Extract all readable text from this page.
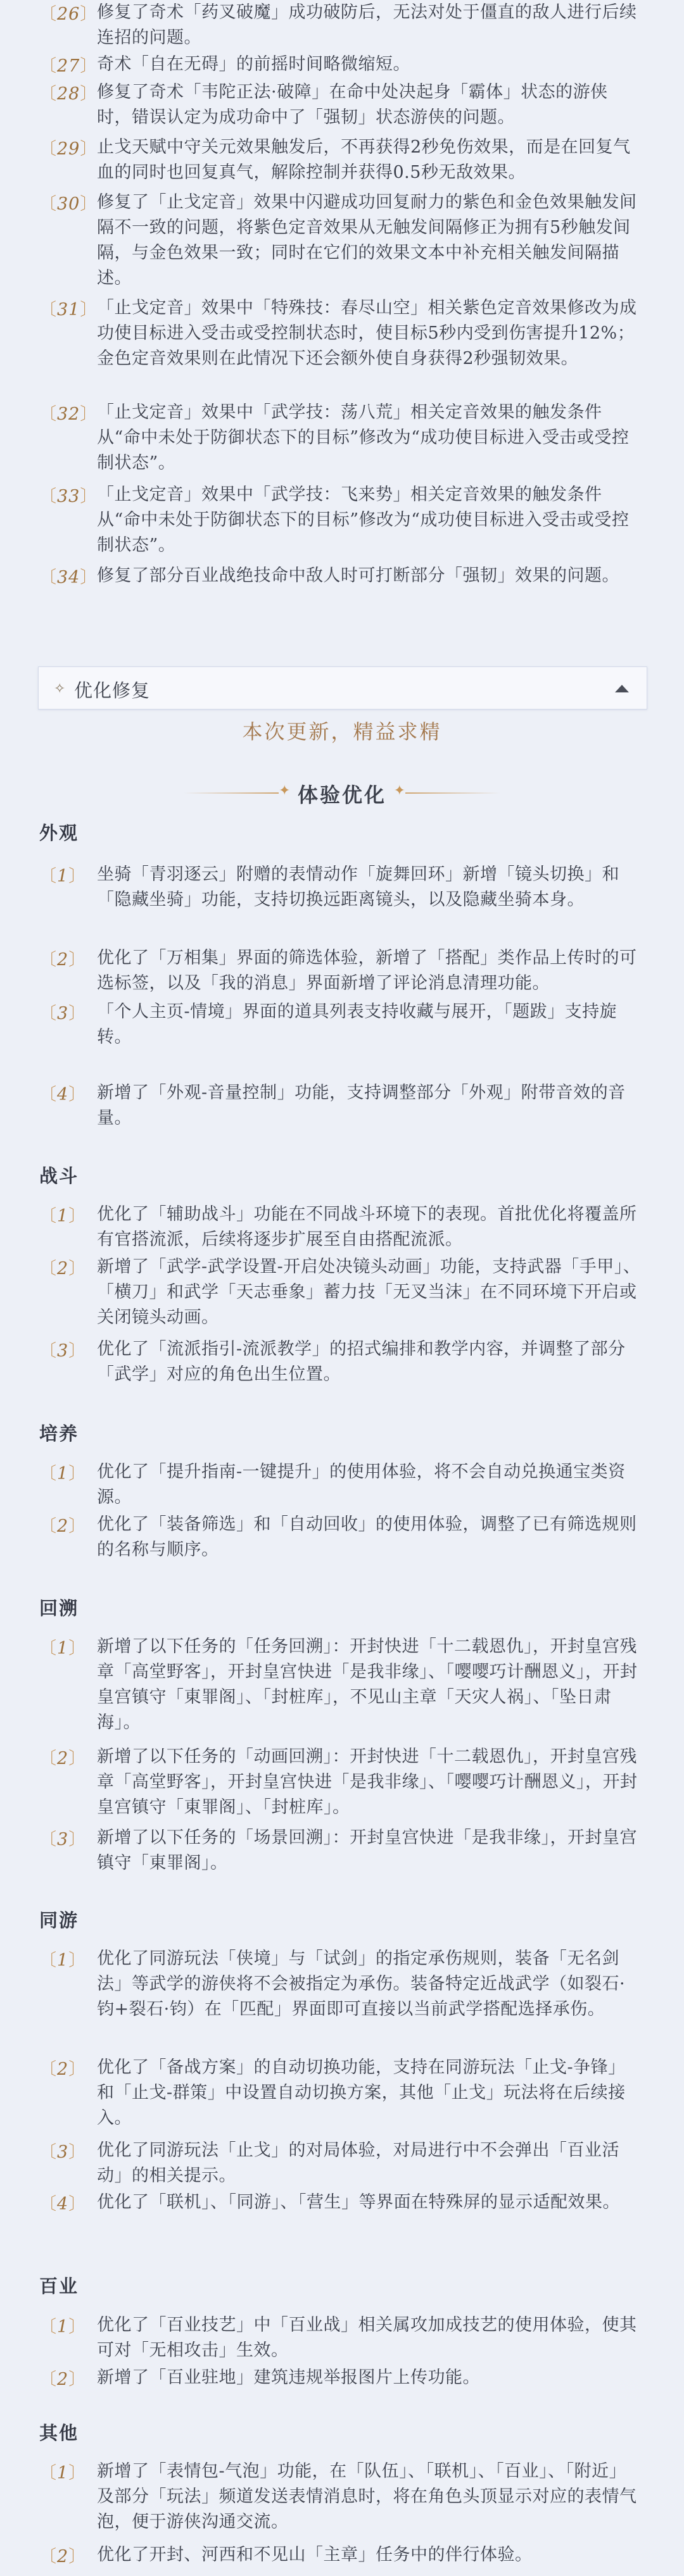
〔26〕
修复了奇术「药叉破魔」成功破防后，无法对处于僵直的敌人进行后续连招的问题。
〔27〕
奇术「自在无碍」的前摇时间略微缩短。
〔28〕
修复了奇术「韦陀正法·破障」在命中处决起身「霸体」状态的游侠时，错误认定为成功命中了「强韧」状态游侠的问题。
〔29〕
止戈天赋中守关元效果触发后，不再获得2秒免伤效果，而是在回复气血的同时也回复真气，解除控制并获得0.5秒无敌效果。
〔30〕
修复了「止戈定音」效果中闪避成功回复耐力的紫色和金色效果触发间隔不一致的问题，将紫色定音效果从无触发间隔修正为拥有5秒触发间隔，与金色效果一致；同时在它们的效果文本中补充相关触发间隔描述。
〔31〕
「止戈定音」效果中「特殊技：春尽山空」相关紫色定音效果修改为成功使目标进入受击或受控制状态时，使目标5秒内受到伤害提升12%；金色定音效果则在此情况下还会额外使自身获得2秒强韧效果。
〔32〕
「止戈定音」效果中「武学技：荡八荒」相关定音效果的触发条件从“命中未处于防御状态下的目标”修改为“成功使目标进入受击或受控制状态”。
〔33〕
「止戈定音」效果中「武学技：飞来势」相关定音效果的触发条件从“命中未处于防御状态下的目标”修改为“成功使目标进入受击或受控制状态”。
〔34〕
修复了部分百业战绝技命中敌人时可打断部分「强韧」效果的问题。
✧ 优化修复
本次更新，精益求精
✦ 体验优化 ✦
外观
〔1〕 坐骑「青羽逐云」附赠的表情动作「旋舞回环」新增「镜头切换」和「隐藏坐骑」功能，支持切换远距离镜头，以及隐藏坐骑本身。
〔2〕 优化了「万相集」界面的筛选体验，新增了「搭配」类作品上传时的可选标签，以及「我的消息」界面新增了评论消息清理功能。
〔3〕 「个人主页-情境」界面的道具列表支持收藏与展开，「题跋」支持旋转。
〔4〕 新增了「外观-音量控制」功能，支持调整部分「外观」附带音效的音量。
战斗
〔1〕 优化了「辅助战斗」功能在不同战斗环境下的表现。首批优化将覆盖所有官搭流派，后续将逐步扩展至自由搭配流派。
〔2〕 新增了「武学-武学设置-开启处决镜头动画」功能，支持武器「手甲」、「横刀」和武学「天志垂象」蓄力技「无叉当沫」在不同环境下开启或关闭镜头动画。
〔3〕 优化了「流派指引-流派教学」的招式编排和教学内容，并调整了部分「武学」对应的角色出生位置。
培养
〔1〕 优化了「提升指南-一键提升」的使用体验，将不会自动兑换通宝类资源。
〔2〕 优化了「装备筛选」和「自动回收」的使用体验，调整了已有筛选规则的名称与顺序。
回溯
〔1〕 新增了以下任务的「任务回溯」：开封快进「十二载恩仇」，开封皇宫残章「高堂野客」，开封皇宫快进「是我非缘」、「嘤嘤巧计酬恩义」，开封皇宫镇守「東罪阁」、「封桩库」，不见山主章「天灾人祸」、「坠日肃海」。
〔2〕 新增了以下任务的「动画回溯」：开封快进「十二载恩仇」，开封皇宫残章「高堂野客」，开封皇宫快进「是我非缘」、「嘤嘤巧计酬恩义」，开封皇宫镇守「東罪阁」、「封桩库」。
〔3〕 新增了以下任务的「场景回溯」：开封皇宫快进「是我非缘」，开封皇宫镇守「東罪阁」。
同游
〔1〕 优化了同游玩法「侠境」与「试剑」的指定承伤规则，装备「无名剑法」等武学的游侠将不会被指定为承伤。装备特定近战武学（如裂石·钧+裂石·钧）在「匹配」界面即可直接以当前武学搭配选择承伤。
〔2〕 优化了「备战方案」的自动切换功能，支持在同游玩法「止戈-争锋」和「止戈-群策」中设置自动切换方案，其他「止戈」玩法将在后续接入。
〔3〕 优化了同游玩法「止戈」的对局体验，对局进行中不会弹出「百业活动」的相关提示。
〔4〕 优化了「联机」、「同游」、「营生」等界面在特殊屏的显示适配效果。
百业
〔1〕 优化了「百业技艺」中「百业战」相关属攻加成技艺的使用体验，使其可对「无相攻击」生效。
〔2〕 新增了「百业驻地」建筑违规举报图片上传功能。
其他
〔1〕 新增了「表情包-气泡」功能，在「队伍」、「联机」、「百业」、「附近」及部分「玩法」频道发送表情消息时，将在角色头顶显示对应的表情气泡，便于游侠沟通交流。
〔2〕 优化了开封、河西和不见山「主章」任务中的伴行体验。
